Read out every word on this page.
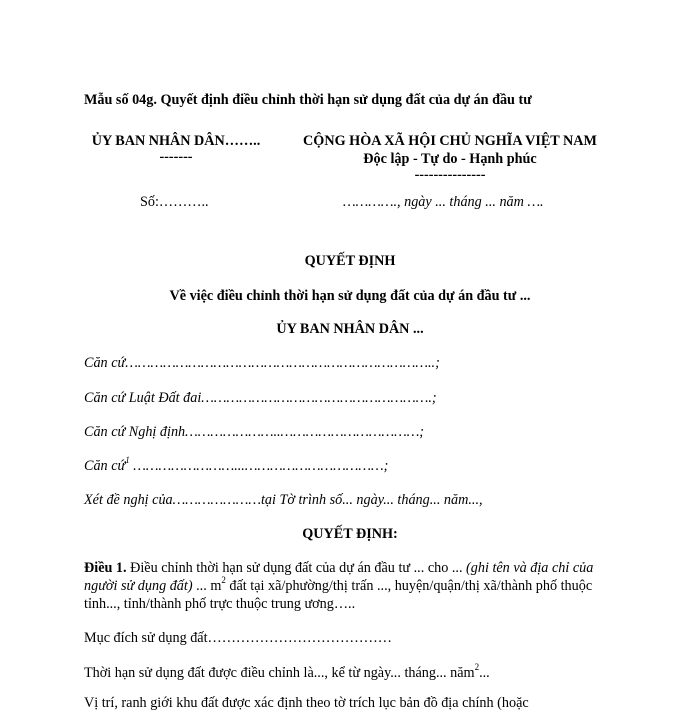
Mẫu số 04g. Quyết định điều chỉnh thời hạn sử dụng đất của dự án đầu tư
ỦY BAN NHÂN DÂN……..
-------
CỘNG HÒA XÃ HỘI CHỦ NGHĨA VIỆT NAM
Độc lập - Tự do - Hạnh phúc
---------------
Số:………..	…………., ngày ... tháng ... năm ….
QUYẾT ĐỊNH
Về việc điều chỉnh thời hạn sử dụng đất của dự án đầu tư ...
ỦY BAN NHÂN DÂN ...
Căn cứ………………………………………………………………..;
Căn cứ Luật Đất đai……………………………………………….;
Căn cứ Nghị định…………………..……………………………;
Căn cứ$^1$ ……………………...……………………………;
Xét đề nghị của…………………tại Tờ trình số... ngày... tháng... năm...,
QUYẾT ĐỊNH:
Điều 1. Điều chỉnh thời hạn sử dụng đất của dự án đầu tư ... cho ... (ghi tên và địa chỉ của
người sử dụng đất) ... $m^2$ đất tại xã/phường/thị trấn ..., huyện/quận/thị xã/thành phố thuộc
tỉnh..., tỉnh/thành phố trực thuộc trung ương…..
Mục đích sử dụng đất…………………………………
Thời hạn sử dụng đất được điều chỉnh là..., kể từ ngày... tháng... năm$^2$...
Vị trí, ranh giới khu đất được xác định theo tờ trích lục bản đồ địa chính (hoặc
